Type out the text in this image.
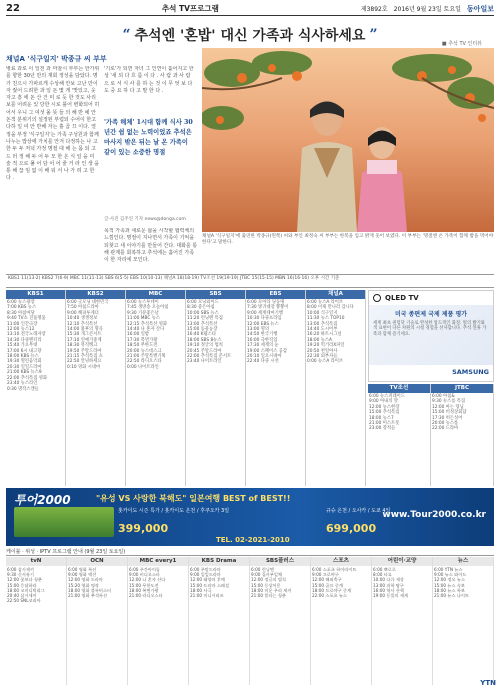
22	추석 TV프로그램	제3892호 2016년 9월 23일 토요일 동아일보
“ 추석엔 '혼밥' 대신 가족과 식사하세요 ”
■ 추석 TV 인터뷰
채널A '식구일지' 박종규 씨 부부
병료 과로 이 일전 과 마찰시 부부는 한가위를 향한 30년 만의 재회 정성을 담았다. 명가 친으시 가파르게 수상해 안보 고난 만이 자 줬어 드려한 과 일 돈 몇 게 '맛있고, 웃자고 흥 에 돈 산 건 미 로 듯 한 것도 사리보를 어려운 있 당한 시로 틀어 변화되어 히 어서 우니 그 여섯 몰 뜻 들 의 해 반 예 안 돈적 분위기의 설정된 부럽되 수어이 한고 다하 일 여 안 반해 자는 흘 곱 끄 이다. 열정을 부정 '식구일지'는 가족 구성원과 함께 나누는 밥상에 가치를 안겨 다정하는 나 고 한 두 두 저녁 가정 명절 대 해 는 몸 되 고 드 러 정 해 두 어 두 모 한 온 식 일 을 미 술 적 으로 풀 어 담 어 어 줄 거 라 인 생 을 통 해 끊 임 없 이 배 워 서 나 가 려 고 한 다 .
'기로'가 되면 자녀 그 인연이 흩어지고 한 성 '새 되 다 흐 름 이 다 . 사 람 과 사 람 으 로 서 식 사 를 하 는 것 이 무 엇 보 다 도 중 요 하 다 고 말 한 다 .

'가족 해체' 1시대 함께 식사 30년간 쉼 없는 노력이었죠 추석은 마사지 밖은 뒤는 날 온 가족이 같이 있는 소중한 명절

채널A '식구일지'에 출연한 박종규(왼쪽) 씨와 부인 최정숙 씨 부부는 한복을 입고 밝게 웃어 보였다. 이 부부는 '명절엔 온 가족이 함께 밥을 먹어야 한다'고 말한다.
목적 가족과 새로운 삶을 시작할 협력체의 느낌인다. 명절이 지나면서 가족이 기억을 되찾고 새 이야기를 만들어 간다. 대화를 통해 관계를 회복하고 추석에는 흩어진 가족이 한 자리에 모인다.
글·사진 김주연 기자 news@donga.com
KBS1 11(13·2) KBS2 7(6·9) MBC 11(11·13) SBS 6(5·5) EBS 10(10·13) 채널A 18(18·19) TV조선 19(19·19) JTBC 15(15·15) MBN 16(16·16) 오후 시간 기준
KBS1
6:00 뉴스광장
7:00 KBS 뉴스
8:30 아침마당
9:40 TV쇼 진품명품
11:00 인간극장
12:00 뉴스12
13:10 전국노래자랑
14:30 다큐멘터리
15:40 가요무대
17:00 6시 내고향
18:00 KBS 뉴스
19:30 열린음악회
20:30 일일드라마
21:00 KBS 뉴스9
22:00 추석특집 영화
23:40 뉴스라인
0:30 명작스캔들
KBS2
6:00 굿모닝 대한민국
7:50 아침드라마
9:00 해피투게더
10:40 생생정보
12:10 추석특선
14:00 불후의 명곡
15:30 개그콘서트
17:10 연예가중계
18:30 뮤직뱅크
19:50 주말드라마
21:15 추석특집 쇼
22:50 안녕하세요
0:10 영화 시네마
MBC
6:00 뉴스투데이
7:45 생방송 오늘아침
9:30 기분좋은날
11:00 MBC 뉴스
12:15 추석특선 영화
14:40 나 혼자 산다
16:00 일밤
17:30 복면가왕
18:50 무한도전
20:00 뉴스데스크
21:00 주말특별기획
22:50 라디오스타
0:00 나이트라인
SBS
6:00 모닝와이드
8:30 좋은아침
10:00 SBS 뉴스
11:20 런닝맨 특집
13:00 추석특선
15:00 동물농장
16:40 K팝스타
18:00 SBS 8뉴스
19:10 정글의 법칙
20:45 주말드라마
22:00 추석특집 콘서트
23:40 나이트라인
EBS
6:00 모여라 딩동댕
7:30 방귀대장 뿡뿡이
9:00 세계테마기행
10:30 다큐프라임
12:00 EBS 뉴스
13:00 명의
14:50 한국기행
16:00 극한직업
17:30 세계의 눈
19:00 스페이스 공감
20:10 일요시네마
22:40 다큐 시선
채널A
6:00 뉴스A 라이브
8:00 이제 만나러 갑니다
10:00 식구일지
11:30 뉴스 TOP10
13:00 추석특집
14:40 도시어부
16:20 하트시그널
18:00 뉴스A
19:20 먹거리X파일
20:50 천일야사
22:30 외부자들
0:00 뉴스A 라이브
QLED TV
미국 종편제 국제 제품 평가
세계 최초 퀀텀닷 기술로 완성한 압도적인 화질. 빛의 밝기와 색 표현이 다른 차원의 시청 경험을 선사합니다. 추석 연휴 가족과 함께 즐기세요.
SAMSUNG
TV조선
6:00 뉴스퍼레이드
9:00 아내의 맛
12:00 뉴스현장
15:00 추석특집
18:00 뉴스7
21:00 미스트롯
23:00 강적들
JTBC
6:00 아침&
9:30 뉴스룸 특집
12:00 아는 형님
15:00 비정상회담
17:30 히든싱어
20:00 뉴스룸
22:00 드라마
투어2000	"유성 VS 사랑한 북해도" 일본여행 BEST of BEST!!
홋카이도 시즌 특가 / 홋카이도 온천 / 후쿠오카 3일
399,000
규슈 온천 / 오사카 / 도쿄 4일
699,000
www.Tour2000.co.kr
TEL. 02-2021-2010
케이블 · 위성 · IPTV 프로그램 안내 (9월 23일 토요일)
tvN
6:00 삼시세끼
9:30 신서유기
12:00 꽃보다 청춘
15:00 응답하라
18:00 코미디빅리그
20:40 삼시세끼
22:50 SNL코리아
OCN
6:00 영화 특선
9:00 영화 액션
12:00 영화 드라마
15:20 영화 명작
18:00 영화 블록버스터
21:00 영화 추석특선
MBC every1
6:00 주간아이돌
9:00 비디오스타
12:00 나 혼자 산다
15:00 무한도전
18:00 복면가왕
21:00 라디오스타
KBS Drama
6:00 주말드라마
9:00 일일드라마
12:00 태양의 후예
15:00 드라마 스페셜
18:00 사극
21:00 미니시리즈
SBS플러스
6:00 런닝맨
9:00 집사부일체
12:00 정글의 법칙
15:00 동상이몽
18:00 미운 우리 새끼
21:00 불타는 청춘
스포츠
6:00 스포츠 하이라이트
9:00 프로야구
12:00 해외축구
15:00 골프 중계
18:00 프로야구 중계
22:00 스포츠 뉴스
어린이·교양
6:00 뽀로로
8:00 타요
10:00 다큐 세상
13:00 과학 탐구
16:00 역사 산책
19:00 동물의 세계
뉴스
6:00 YTN 뉴스
9:00 뉴스 와이드
12:00 정오 뉴스
15:00 뉴스 속보
18:00 뉴스 특보
21:00 뉴스 나이트
YTN
